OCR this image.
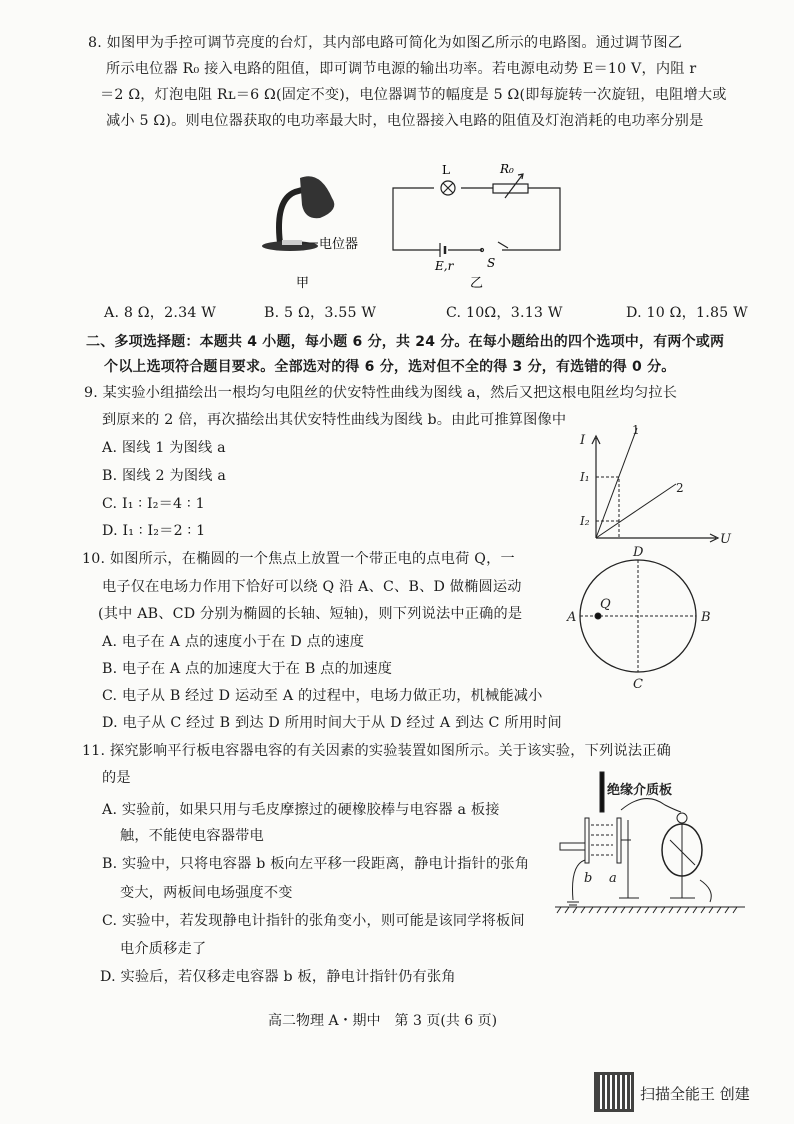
8. 如图甲为手控可调节亮度的台灯，其内部电路可简化为如图乙所示的电路图。通过调节图乙
所示电位器 R₀ 接入电路的阻值，即可调节电源的输出功率。若电源电动势 E＝10 V，内阻 r
＝2 Ω，灯泡电阻 Rʟ＝6 Ω(固定不变)，电位器调节的幅度是 5 Ω(即每旋转一次旋钮，电阻增大或
减小 5 Ω)。则电位器获取的电功率最大时，电位器接入电路的阻值及灯泡消耗的电功率分别是
电位器
甲
L	R₀
E,r	S
乙
A. 8 Ω，2.34 W	B. 5 Ω，3.55 W	C. 10Ω，3.13 W	D. 10 Ω，1.85 W
二、多项选择题：本题共 4 小题，每小题 6 分，共 24 分。在每小题给出的四个选项中，有两个或两
个以上选项符合题目要求。全部选对的得 6 分，选对但不全的得 3 分，有选错的得 0 分。
9. 某实验小组描绘出一根均匀电阻丝的伏安特性曲线为图线 a，然后又把这根电阻丝均匀拉长
到原来的 2 倍，再次描绘出其伏安特性曲线为图线 b。由此可推算图像中
A. 图线 1 为图线 a
B. 图线 2 为图线 a
C. I₁ ∶ I₂＝4 ∶ 1
D. I₁ ∶ I₂＝2 ∶ 1
I
U
1
2
I₁
I₂
10. 如图所示，在椭圆的一个焦点上放置一个带正电的点电荷 Q，一
电子仅在电场力作用下恰好可以绕 Q 沿 A、C、B、D 做椭圆运动
(其中 AB、CD 分别为椭圆的长轴、短轴)，则下列说法中正确的是
A. 电子在 A 点的速度小于在 D 点的速度
B. 电子在 A 点的加速度大于在 B 点的加速度
C. 电子从 B 经过 D 运动至 A 的过程中，电场力做正功，机械能减小
D. 电子从 C 经过 B 到达 D 所用时间大于从 D 经过 A 到达 C 所用时间
D
C
A	B
Q
11. 探究影响平行板电容器电容的有关因素的实验装置如图所示。关于该实验，下列说法正确
的是
A. 实验前，如果只用与毛皮摩擦过的硬橡胶棒与电容器 a 板接
触，不能使电容器带电
B. 实验中，只将电容器 b 板向左平移一段距离，静电计指针的张角
变大，两板间电场强度不变
C. 实验中，若发现静电计指针的张角变小，则可能是该同学将板间
电介质移走了
D. 实验后，若仅移走电容器 b 板，静电计指针仍有张角
绝缘介质板
b a
高二物理 A・期中　第 3 页(共 6 页)
扫描全能王 创建
